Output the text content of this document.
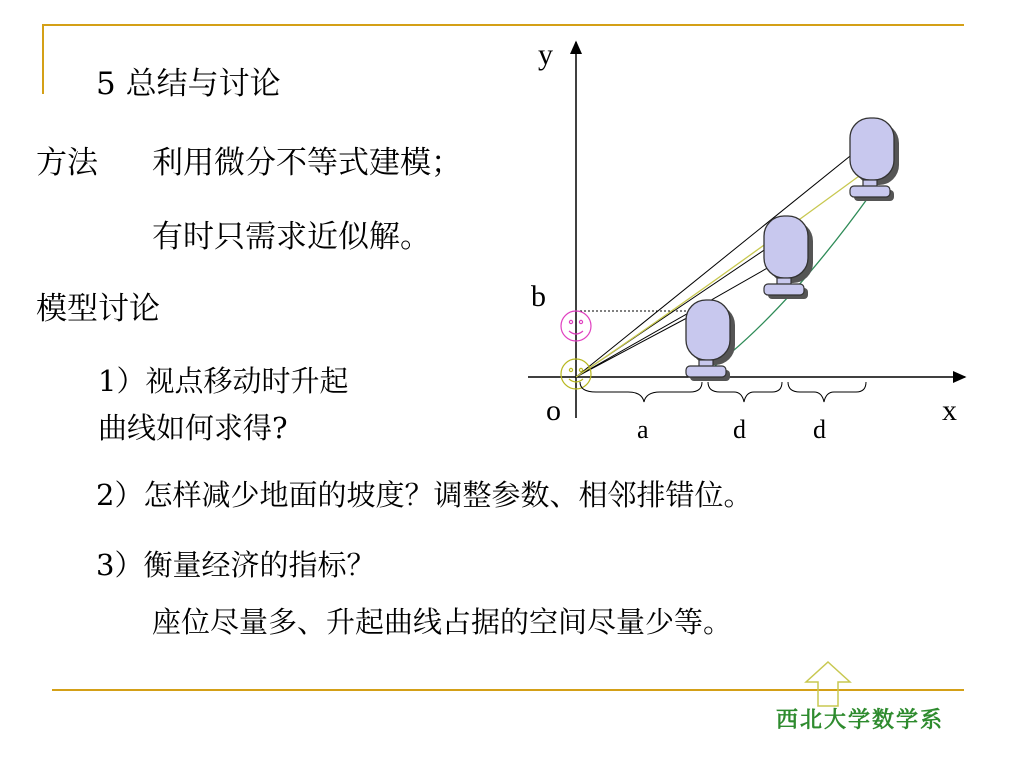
5 总结与讨论
方法 利用微分不等式建模；
有时只需求近似解。
模型讨论
1）视点移动时升起
曲线如何求得?
2）怎样减少地面的坡度？调整参数、相邻排错位。
3）衡量经济的指标？
座位尽量多、升起曲线占据的空间尽量少等。
y
x
o
b
a	d	d
西北大学数学系
